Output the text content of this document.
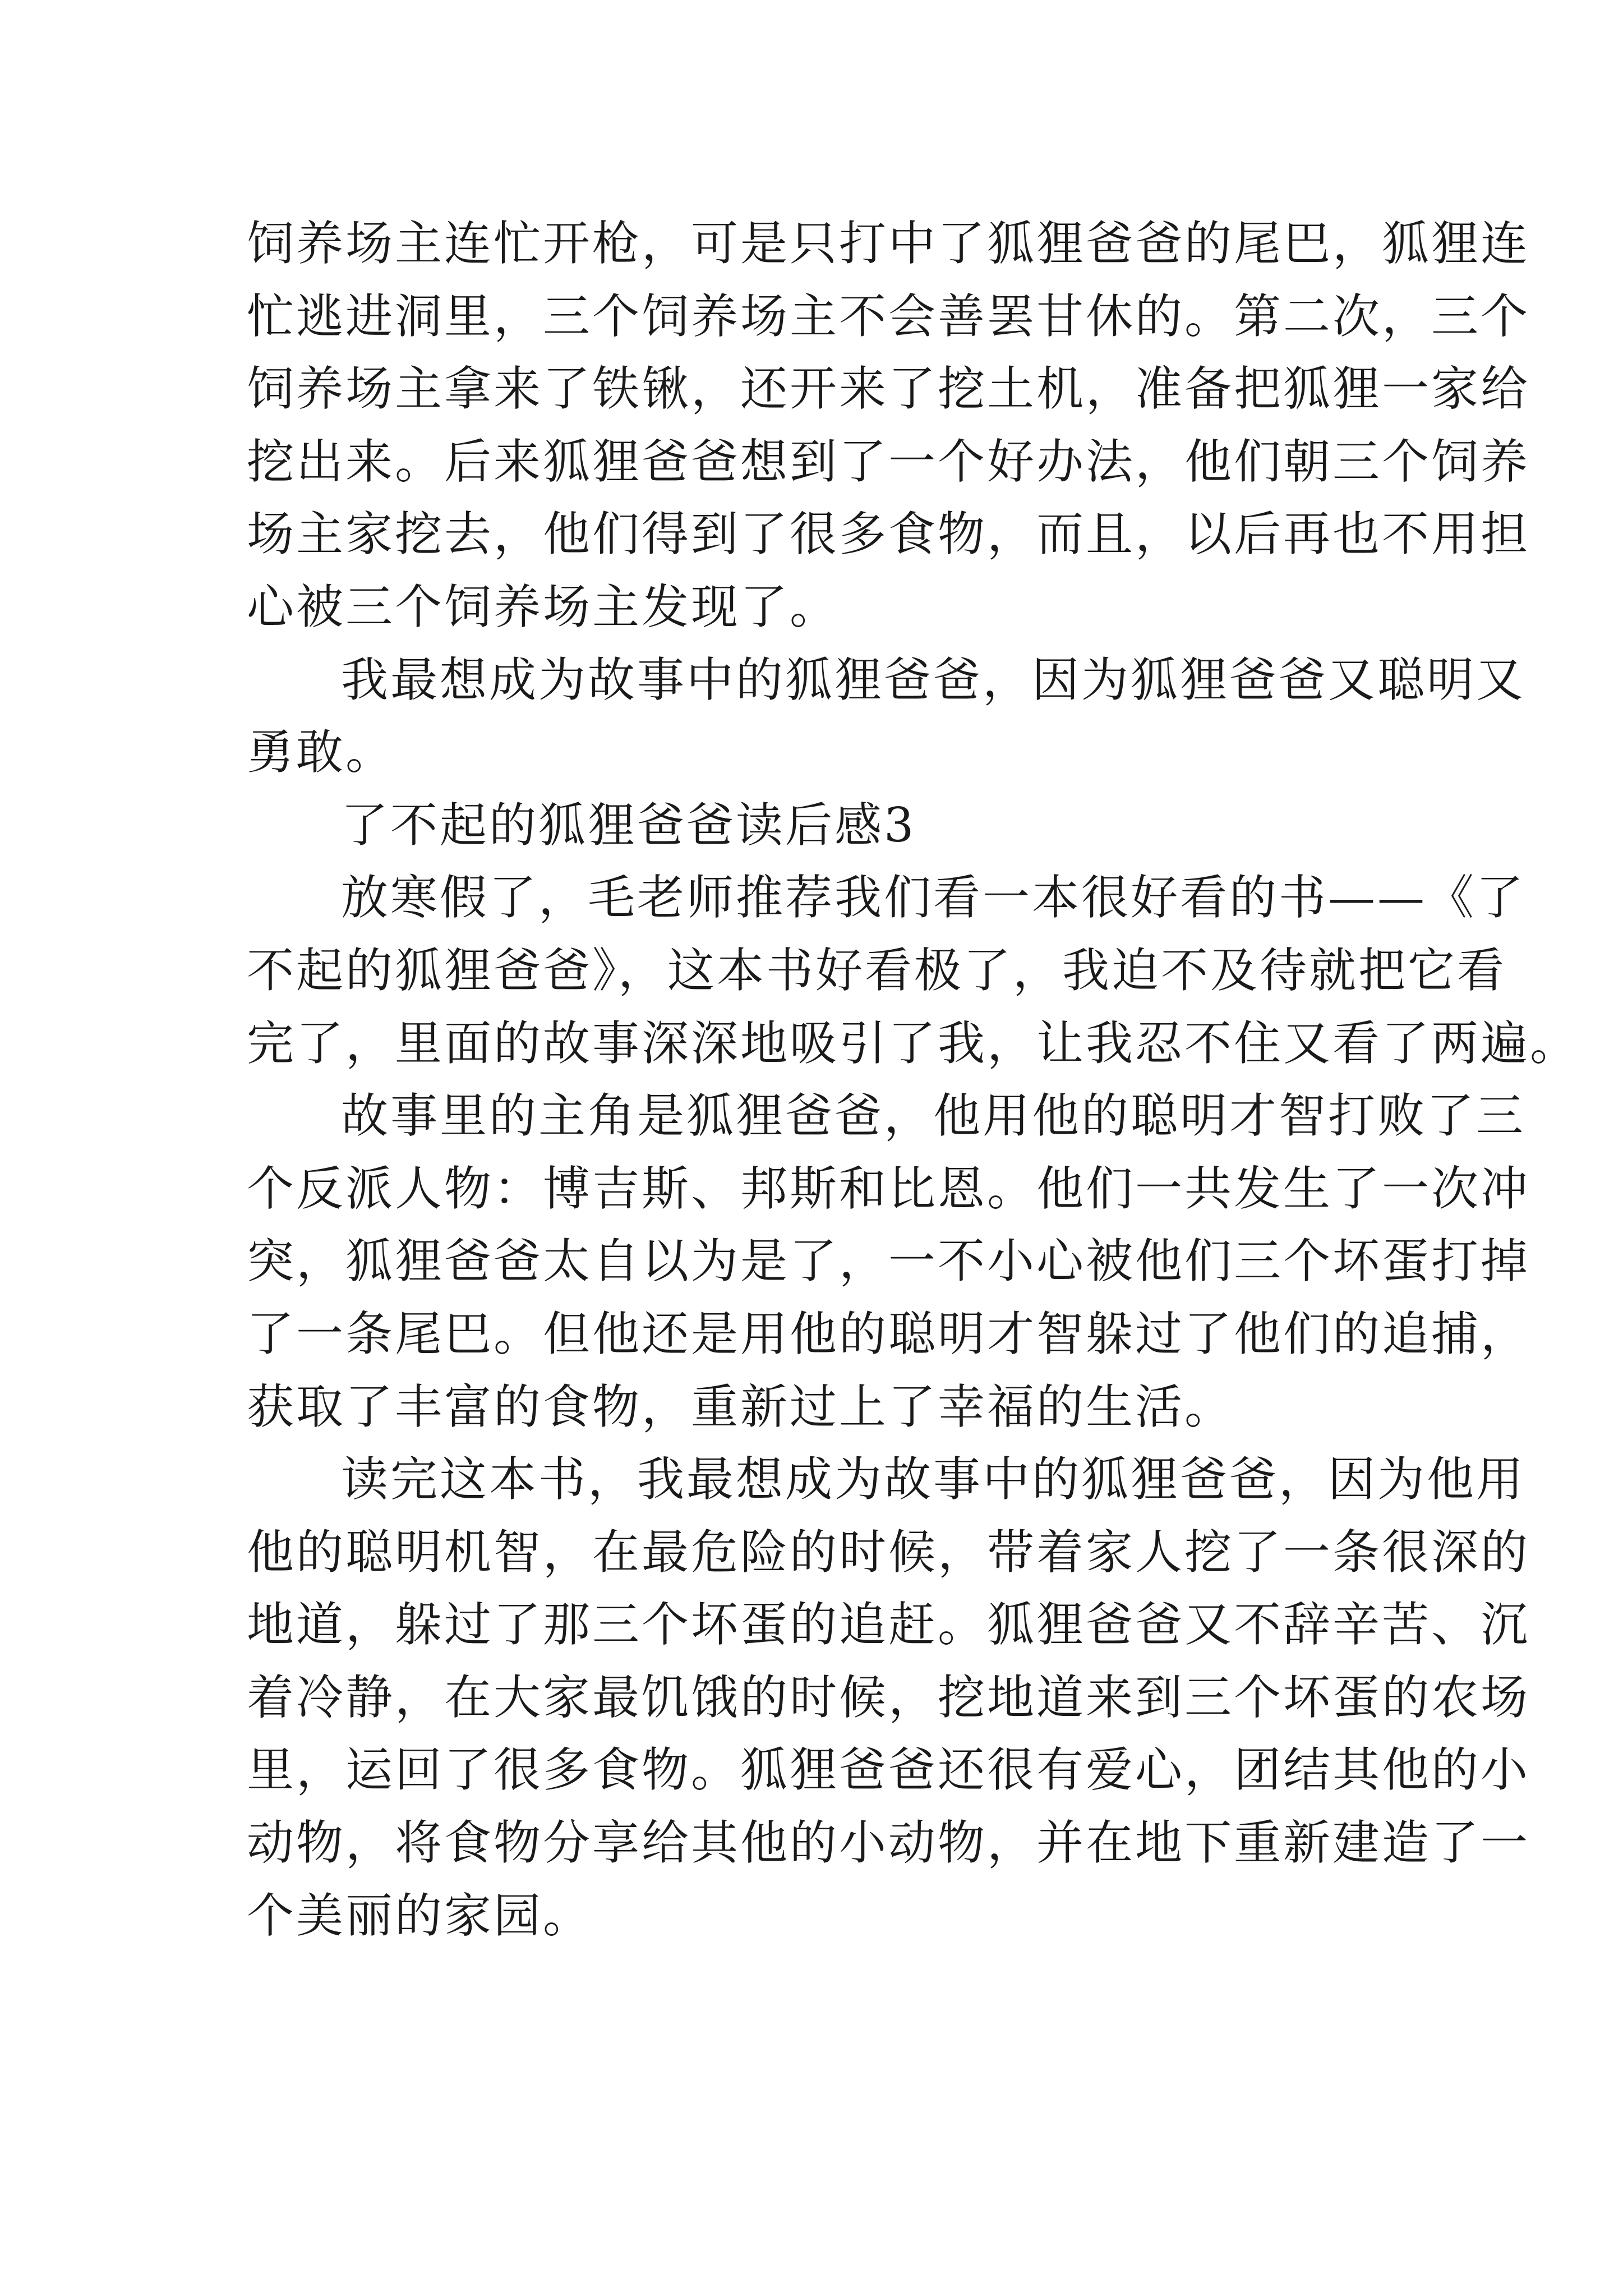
饲养场主连忙开枪，可是只打中了狐狸爸爸的尾巴，狐狸连
忙逃进洞里，三个饲养场主不会善罢甘休的。第二次，三个
饲养场主拿来了铁锹，还开来了挖土机，准备把狐狸一家给
挖出来。后来狐狸爸爸想到了一个好办法，他们朝三个饲养
场主家挖去，他们得到了很多食物，而且，以后再也不用担
心被三个饲养场主发现了。

我最想成为故事中的狐狸爸爸，因为狐狸爸爸又聪明又
勇敢。

了不起的狐狸爸爸读后感3

放寒假了，毛老师推荐我们看一本很好看的书——《了
不起的狐狸爸爸》，这本书好看极了，我迫不及待就把它看
完了，里面的故事深深地吸引了我，让我忍不住又看了两遍。

故事里的主角是狐狸爸爸，他用他的聪明才智打败了三
个反派人物：博吉斯、邦斯和比恩。他们一共发生了一次冲
突，狐狸爸爸太自以为是了，一不小心被他们三个坏蛋打掉
了一条尾巴。但他还是用他的聪明才智躲过了他们的追捕，
获取了丰富的食物，重新过上了幸福的生活。

读完这本书，我最想成为故事中的狐狸爸爸，因为他用
他的聪明机智，在最危险的时候，带着家人挖了一条很深的
地道，躲过了那三个坏蛋的追赶。狐狸爸爸又不辞辛苦、沉
着冷静，在大家最饥饿的时候，挖地道来到三个坏蛋的农场
里，运回了很多食物。狐狸爸爸还很有爱心，团结其他的小
动物，将食物分享给其他的小动物，并在地下重新建造了一
个美丽的家园。
